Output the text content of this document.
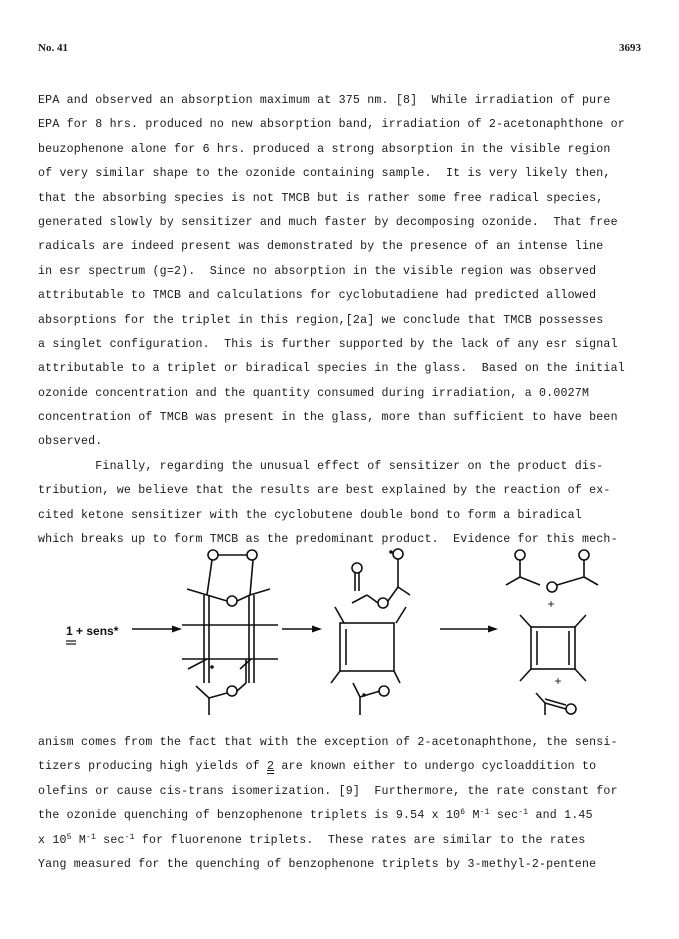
No. 41	3693
EPA and observed an absorption maximum at 375 nm. [8]  While irradiation of pure
EPA for 8 hrs. produced no new absorption band, irradiation of 2-acetonaphthone or
beuzophenone alone for 6 hrs. produced a strong absorption in the visible region
of very similar shape to the ozonide containing sample.  It is very likely then,
that the absorbing species is not TMCB but is rather some free radical species,
generated slowly by sensitizer and much faster by decomposing ozonide.  That free
radicals are indeed present was demonstrated by the presence of an intense line
in esr spectrum (g=2).  Since no absorption in the visible region was observed
attributable to TMCB and calculations for cyclobutadiene had predicted allowed
absorptions for the triplet in this region,[2a] we conclude that TMCB possesses
a singlet configuration.  This is further supported by the lack of any esr signal
attributable to a triplet or biradical species in the glass.  Based on the initial
ozonide concentration and the quantity consumed during irradiation, a 0.0027M
concentration of TMCB was present in the glass, more than sufficient to have been
observed.
Finally, regarding the unusual effect of sensitizer on the product dis-
tribution, we believe that the results are best explained by the reaction of ex-
cited ketone sensitizer with the cyclobutene double bond to form a biradical
which breaks up to form TMCB as the predominant product.  Evidence for this mech-
1 + sens*
+
+
anism comes from the fact that with the exception of 2-acetonaphthone, the sensi-
tizers producing high yields of 2 are known either to undergo cycloaddition to
olefins or cause cis-trans isomerization. [9]  Furthermore, the rate constant for
the ozonide quenching of benzophenone triplets is 9.54 x $10^6$ $M^{-1}$ $\sec^{-1}$ and 1.45
x $10^5$ $M^{-1}$ $\sec^{-1}$ for fluorenone triplets.  These rates are similar to the rates
Yang measured for the quenching of benzophenone triplets by 3-methyl-2-pentene
